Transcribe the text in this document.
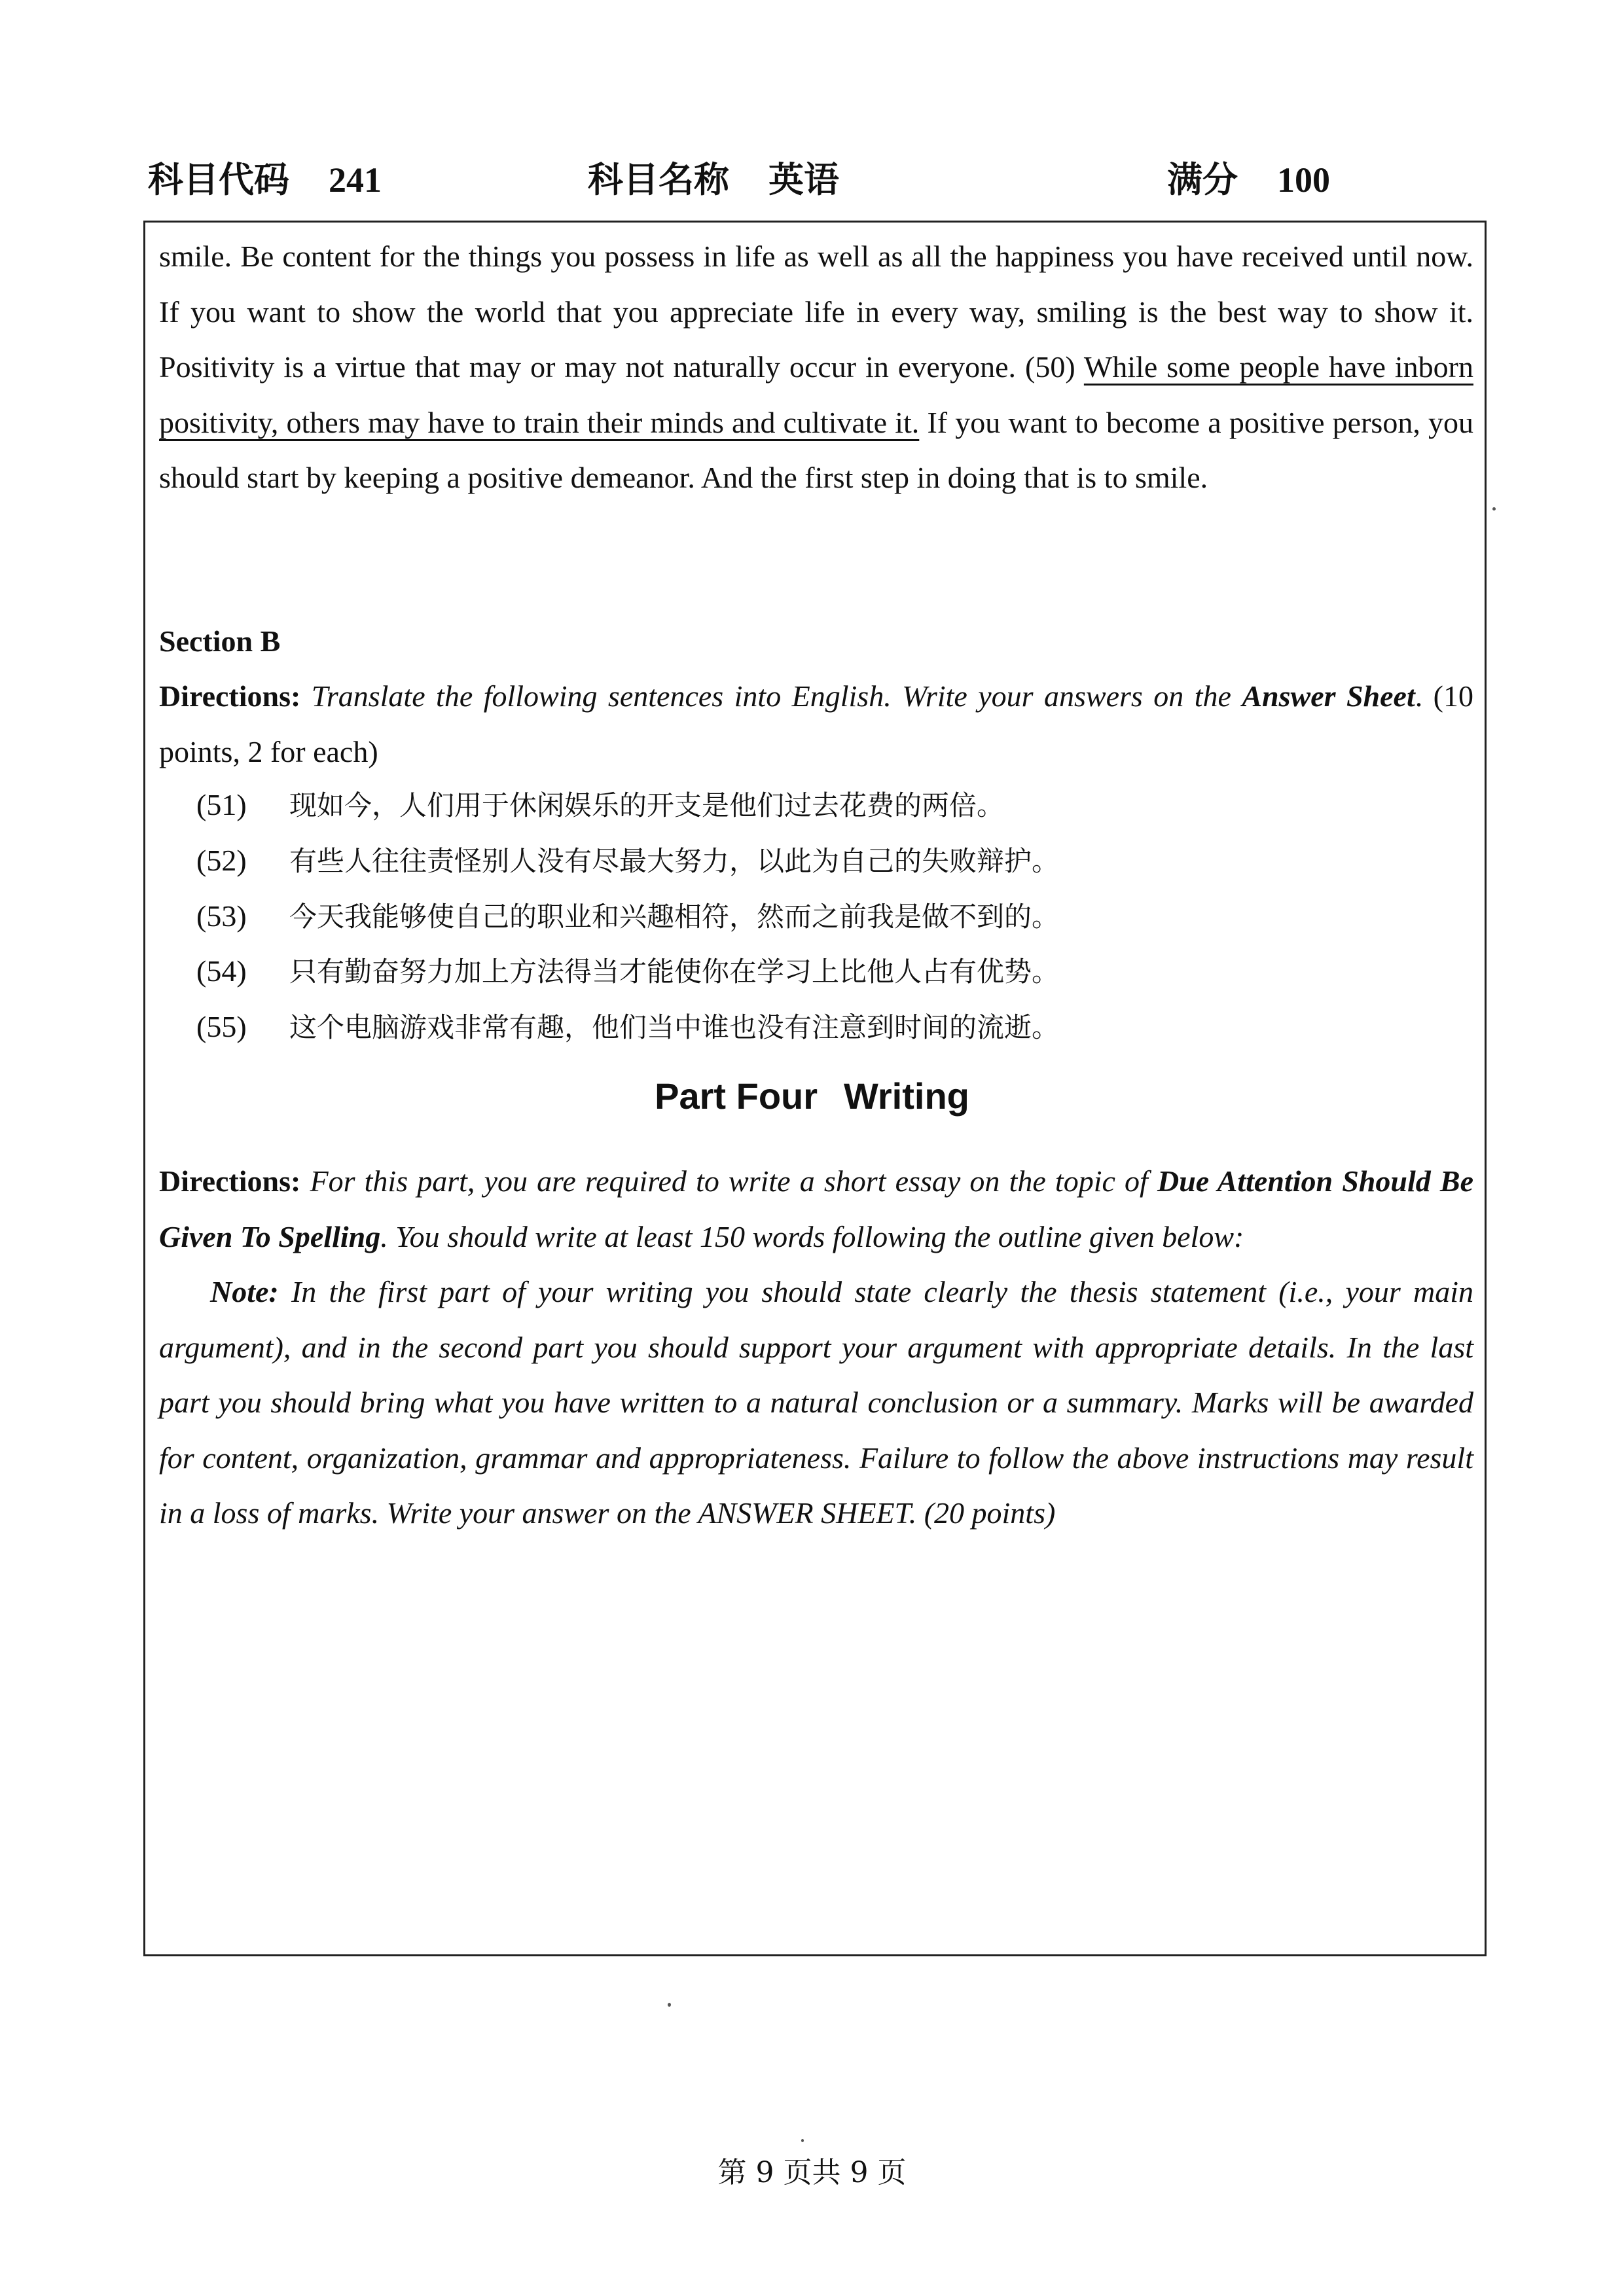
科目代码 241	科目名称 英语	满分 100

smile. Be content for the things you possess in life as well as all the happiness you have received until now. If you want to show the world that you appreciate life in every way, smiling is the best way to show it. Positivity is a virtue that may or may not naturally occur in everyone. (50) While some people have inborn positivity, others may have to train their minds and cultivate it. If you want to become a positive person, you should start by keeping a positive demeanor. And the first step in doing that is to smile.

Section B

Directions: Translate the following sentences into English. Write your answers on the Answer Sheet. (10 points, 2 for each)

(51) 现如今，人们用于休闲娱乐的开支是他们过去花费的两倍。
(52) 有些人往往责怪别人没有尽最大努力，以此为自己的失败辩护。
(53) 今天我能够使自己的职业和兴趣相符，然而之前我是做不到的。
(54) 只有勤奋努力加上方法得当才能使你在学习上比他人占有优势。
(55) 这个电脑游戏非常有趣，他们当中谁也没有注意到时间的流逝。
Part Four Writing

Directions: For this part, you are required to write a short essay on the topic of Due Attention Should Be Given To Spelling. You should write at least 150 words following the outline given below:

Note: In the first part of your writing you should state clearly the thesis statement (i.e., your main argument), and in the second part you should support your argument with appropriate details. In the last part you should bring what you have written to a natural conclusion or a summary. Marks will be awarded for content, organization, grammar and appropriateness. Failure to follow the above instructions may result in a loss of marks. Write your answer on the ANSWER SHEET. (20 points)

第 9 页共 9 页
